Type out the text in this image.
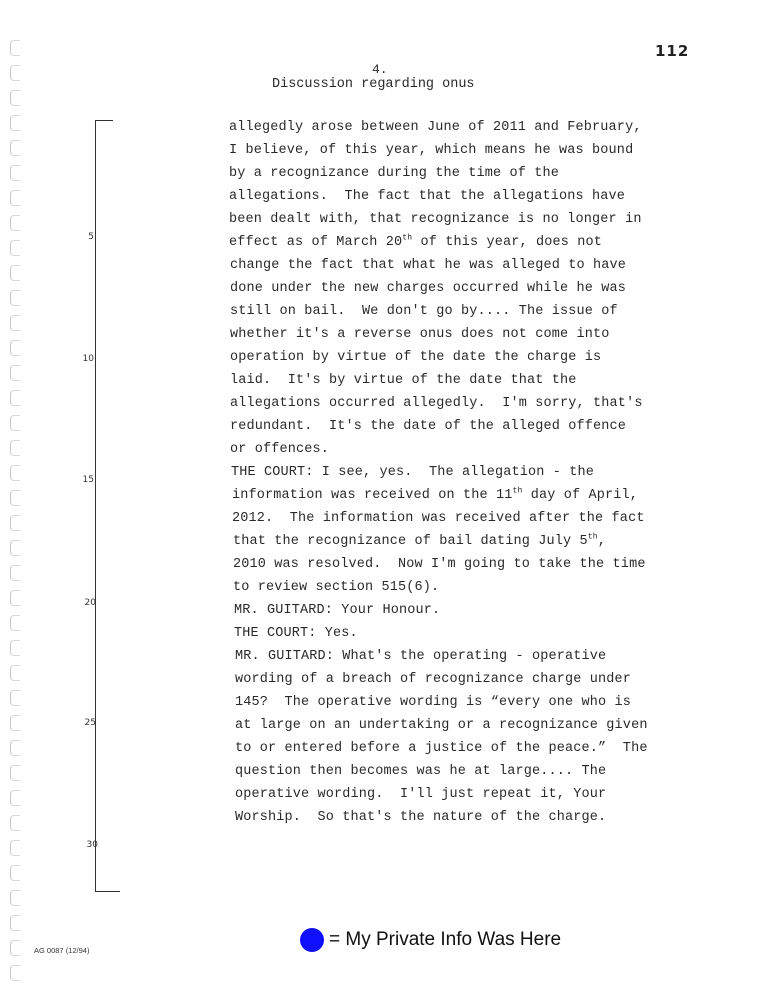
112
4.
Discussion regarding onus
5
10
15
20
25
30
allegedly arose between June of 2011 and February,
I believe, of this year, which means he was bound
by a recognizance during the time of the
allegations.  The fact that the allegations have
been dealt with, that recognizance is no longer in
effect as of March 20th of this year, does not
change the fact that what he was alleged to have
done under the new charges occurred while he was
still on bail.  We don't go by.... The issue of
whether it's a reverse onus does not come into
operation by virtue of the date the charge is
laid.  It's by virtue of the date that the
allegations occurred allegedly.  I'm sorry, that's
redundant.  It's the date of the alleged offence
or offences.
THE COURT: I see, yes.  The allegation - the
information was received on the 11th day of April,
2012.  The information was received after the fact
that the recognizance of bail dating July 5th,
2010 was resolved.  Now I'm going to take the time
to review section 515(6).
MR. GUITARD: Your Honour.
THE COURT: Yes.
MR. GUITARD: What's the operating - operative
wording of a breach of recognizance charge under
145?  The operative wording is “every one who is
at large on an undertaking or a recognizance given
to or entered before a justice of the peace.”  The
question then becomes was he at large.... The
operative wording.  I'll just repeat it, Your
Worship.  So that's the nature of the charge.
AG 0087 (12/94)
= My Private Info Was Here
